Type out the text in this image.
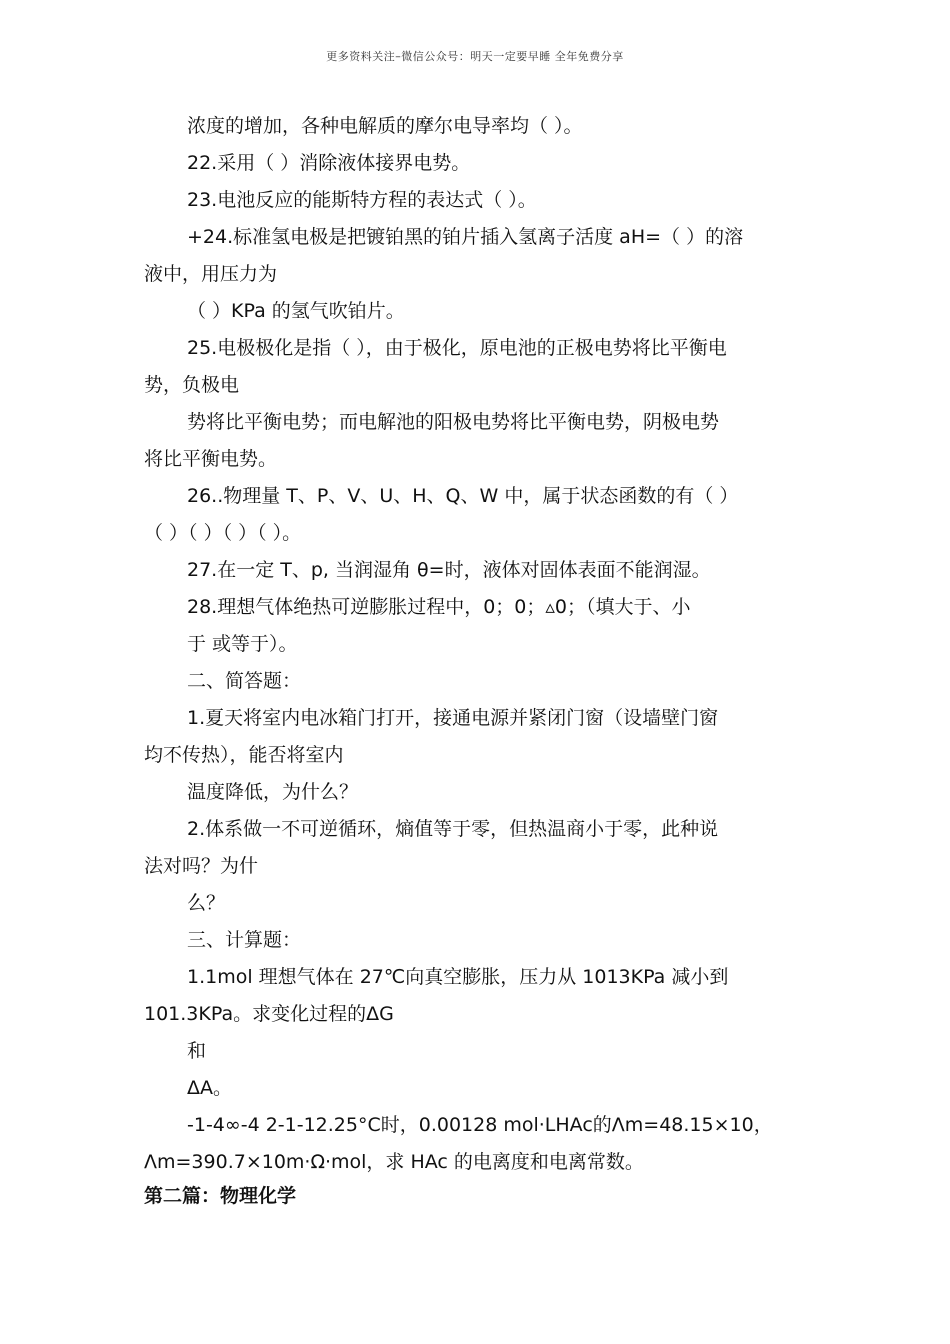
更多资料关注–微信公众号：明天一定要早睡 全年免费分享
浓度的增加，各种电解质的摩尔电导率均（ ）。
22.采用（ ）消除液体接界电势。
23.电池反应的能斯特方程的表达式（ ）。
+24.标准氢电极是把镀铂黑的铂片插入氢离子活度 aH=（ ）的溶
液中，用压力为
（ ）KPa 的氢气吹铂片。
25.电极极化是指（ ），由于极化，原电池的正极电势将比平衡电
势，负极电
势将比平衡电势；而电解池的阳极电势将比平衡电势，阴极电势
将比平衡电势。
26..物理量 T、P、V、U、H、Q、W 中，属于状态函数的有（ ）
（ ）（ ）（ ）（ ）。
27.在一定 T、p, 当润湿角 θ=时，液体对固体表面不能润湿。
28.理想气体绝热可逆膨胀过程中，0；0；▵0；（填大于、小
于 或等于）。
二、简答题：
1.夏天将室内电冰箱门打开，接通电源并紧闭门窗（设墙壁门窗
均不传热），能否将室内
温度降低，为什么？
2.体系做一不可逆循环，熵值等于零，但热温商小于零，此种说
法对吗？为什
么？
三、计算题：
1.1mol 理想气体在 27℃向真空膨胀，压力从 1013KPa 减小到
101.3KPa。求变化过程的ΔG
和
ΔA。
-1-4∞-4 2-1-12.25°C时，0.00128 mol·LHAc的Λm=48.15×10，
Λm=390.7×10m·Ω·mol，求 HAc 的电离度和电离常数。
第二篇：物理化学
